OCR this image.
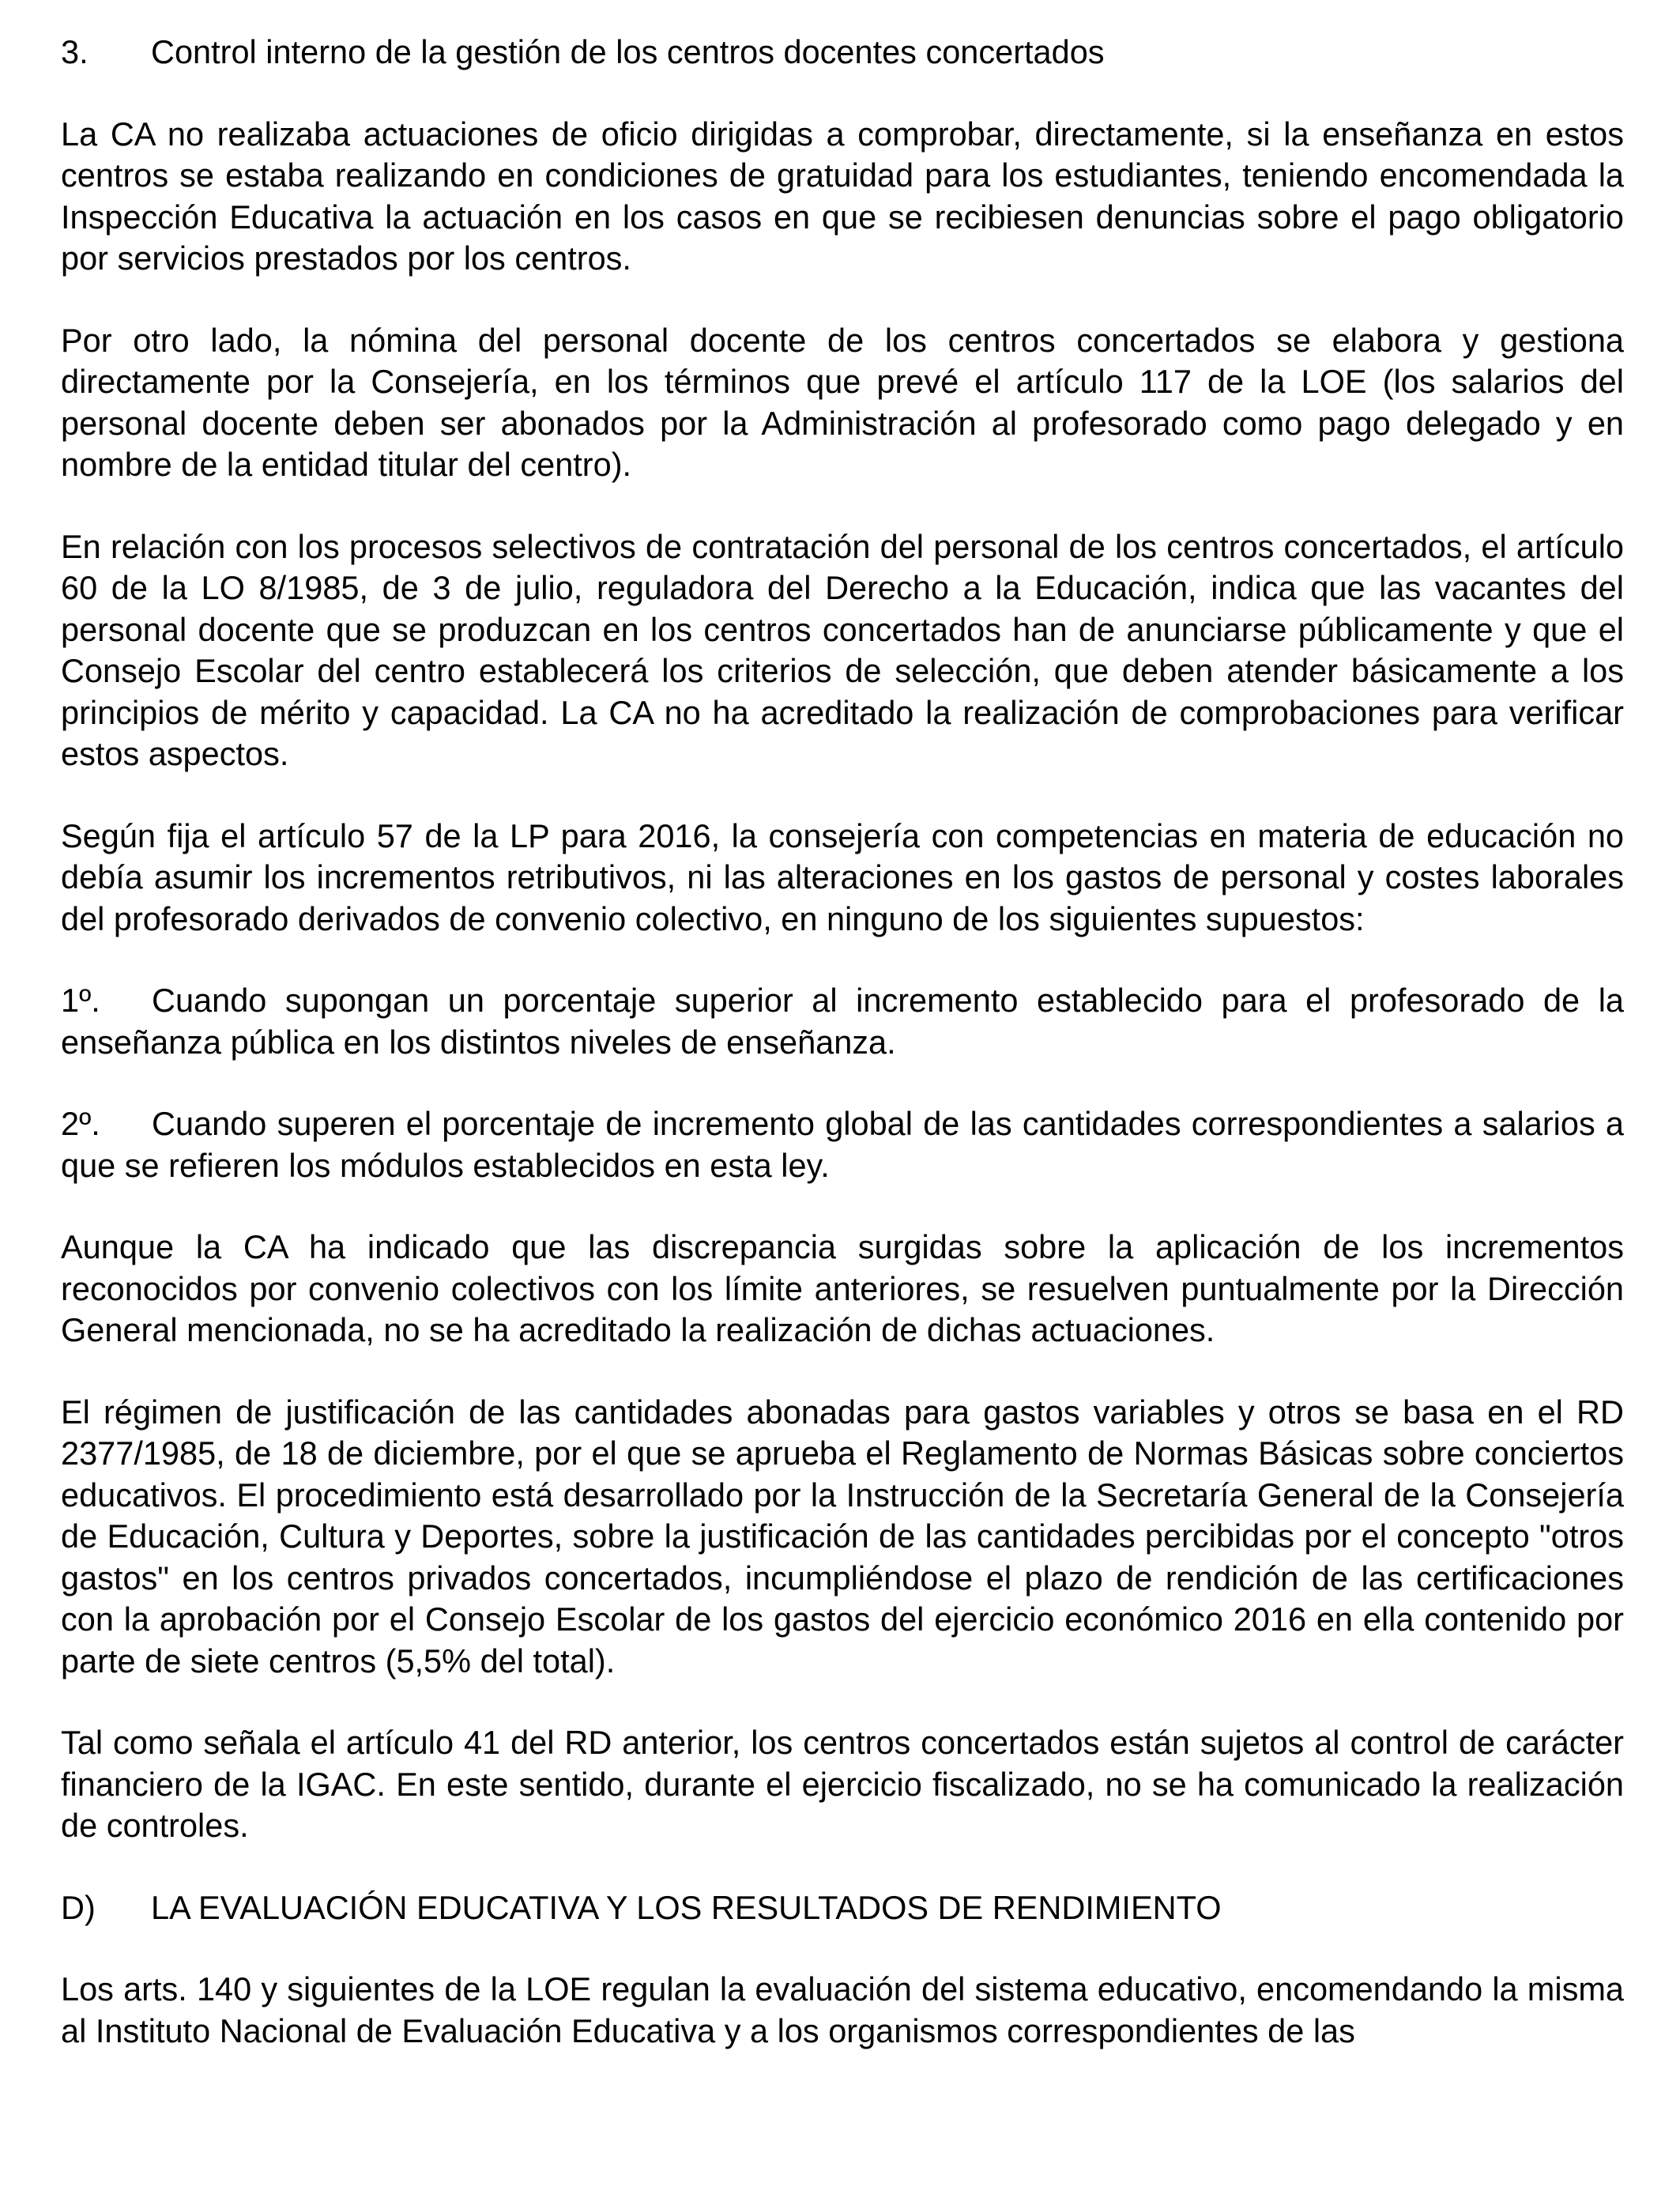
3.	Control interno de la gestión de los centros docentes concertados

La CA no realizaba actuaciones de oficio dirigidas a comprobar, directamente, si la enseñanza en estos centros se estaba realizando en condiciones de gratuidad para los estudiantes, teniendo encomendada la Inspección Educativa la actuación en los casos en que se recibiesen denuncias sobre el pago obligatorio por servicios prestados por los centros.

Por otro lado, la nómina del personal docente de los centros concertados se elabora y gestiona directamente por la Consejería, en los términos que prevé el artículo 117 de la LOE (los salarios del personal docente deben ser abonados por la Administración al profesorado como pago delegado y en nombre de la entidad titular del centro).

En relación con los procesos selectivos de contratación del personal de los centros concertados, el artículo 60 de la LO 8/1985, de 3 de julio, reguladora del Derecho a la Educación, indica que las vacantes del personal docente que se produzcan en los centros concertados han de anunciarse públicamente y que el Consejo Escolar del centro establecerá los criterios de selección, que deben atender básicamente a los principios de mérito y capacidad. La CA no ha acreditado la realización de comprobaciones para verificar estos aspectos.

Según fija el artículo 57 de la LP para 2016, la consejería con competencias en materia de educación no debía asumir los incrementos retributivos, ni las alteraciones en los gastos de personal y costes laborales del profesorado derivados de convenio colectivo, en ninguno de los siguientes supuestos:

1º. Cuando supongan un porcentaje superior al incremento establecido para el profesorado de la enseñanza pública en los distintos niveles de enseñanza.

2º. Cuando superen el porcentaje de incremento global de las cantidades correspondientes a salarios a que se refieren los módulos establecidos en esta ley.

Aunque la CA ha indicado que las discrepancia surgidas sobre la aplicación de los incrementos reconocidos por convenio colectivos con los límite anteriores, se resuelven puntualmente por la Dirección General mencionada, no se ha acreditado la realización de dichas actuaciones.

El régimen de justificación de las cantidades abonadas para gastos variables y otros se basa en el RD 2377/1985, de 18 de diciembre, por el que se aprueba el Reglamento de Normas Básicas sobre conciertos educativos. El procedimiento está desarrollado por la Instrucción de la Secretaría General de la Consejería de Educación, Cultura y Deportes, sobre la justificación de las cantidades percibidas por el concepto "otros gastos" en los centros privados concertados, incumpliéndose el plazo de rendición de las certificaciones con la aprobación por el Consejo Escolar de los gastos del ejercicio económico 2016 en ella contenido por parte de siete centros (5,5% del total).

Tal como señala el artículo 41 del RD anterior, los centros concertados están sujetos al control de carácter financiero de la IGAC. En este sentido, durante el ejercicio fiscalizado, no se ha comunicado la realización de controles.

D)	LA EVALUACIÓN EDUCATIVA Y LOS RESULTADOS DE RENDIMIENTO

Los arts. 140 y siguientes de la LOE regulan la evaluación del sistema educativo, encomendando la misma al Instituto Nacional de Evaluación Educativa y a los organismos correspondientes de las
